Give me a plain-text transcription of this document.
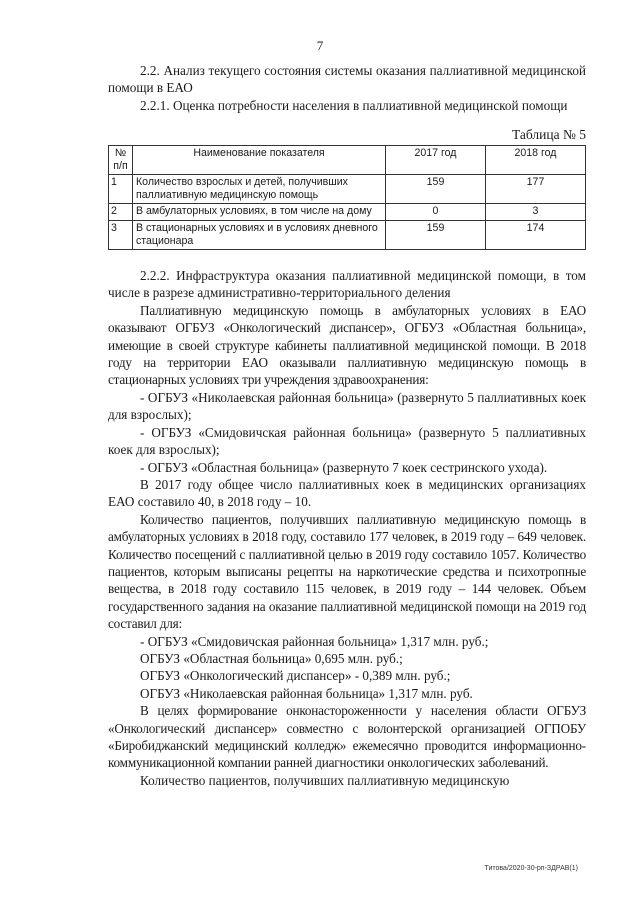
7

2.2. Анализ текущего состояния системы оказания паллиативной медицинской помощи в ЕАО

2.2.1. Оценка потребности населения в паллиативной медицинской помощи

Таблица № 5
№ п/п	Наименование показателя	2017 год	2018 год
1	Количество взрослых и детей, получивших паллиативную медицинскую помощь	159	177
2	В амбулаторных условиях, в том числе на дому	0	3
3	В стационарных условиях и в условиях дневного стационара	159	174

2.2.2. Инфраструктура оказания паллиативной медицинской помощи, в том числе в разрезе административно-территориального деления

Паллиативную медицинскую помощь в амбулаторных условиях в ЕАО оказывают ОГБУЗ «Онкологический диспансер», ОГБУЗ «Областная больница», имеющие в своей структуре кабинеты паллиативной медицинской помощи. В 2018 году на территории ЕАО оказывали паллиативную медицинскую помощь в стационарных условиях три учреждения здравоохранения:

- ОГБУЗ «Николаевская районная больница» (развернуто 5 паллиативных коек для взрослых);

- ОГБУЗ «Смидовичская районная больница» (развернуто 5 паллиативных коек для взрослых);

- ОГБУЗ «Областная больница» (развернуто 7 коек сестринского ухода).

В 2017 году общее число паллиативных коек в медицинских организациях ЕАО составило 40, в 2018 году – 10.

Количество пациентов, получивших паллиативную медицинскую помощь в амбулаторных условиях в 2018 году, составило 177 человек, в 2019 году – 649 человек. Количество посещений с паллиативной целью в 2019 году составило 1057. Количество пациентов, которым выписаны рецепты на наркотические средства и психотропные вещества, в 2018 году составило 115 человек, в 2019 году – 144 человек. Объем государственного задания на оказание паллиативной медицинской помощи на 2019 год составил для:

- ОГБУЗ «Смидовичская районная больница» 1,317 млн. руб.;

ОГБУЗ «Областная больница» 0,695 млн. руб.;

ОГБУЗ «Онкологический диспансер» - 0,389 млн. руб.;

ОГБУЗ «Николаевская районная больница» 1,317 млн. руб.

В целях формирование онконастороженности у населения области ОГБУЗ «Онкологический диспансер» совместно с волонтерской организацией ОГПОБУ «Биробиджанский медицинский колледж» ежемесячно проводится информационно-коммуникационной компании ранней диагностики онкологических заболеваний.

Количество пациентов, получивших паллиативную медицинскую

Титова/2020-30-рп-ЗДРАВ(1)
